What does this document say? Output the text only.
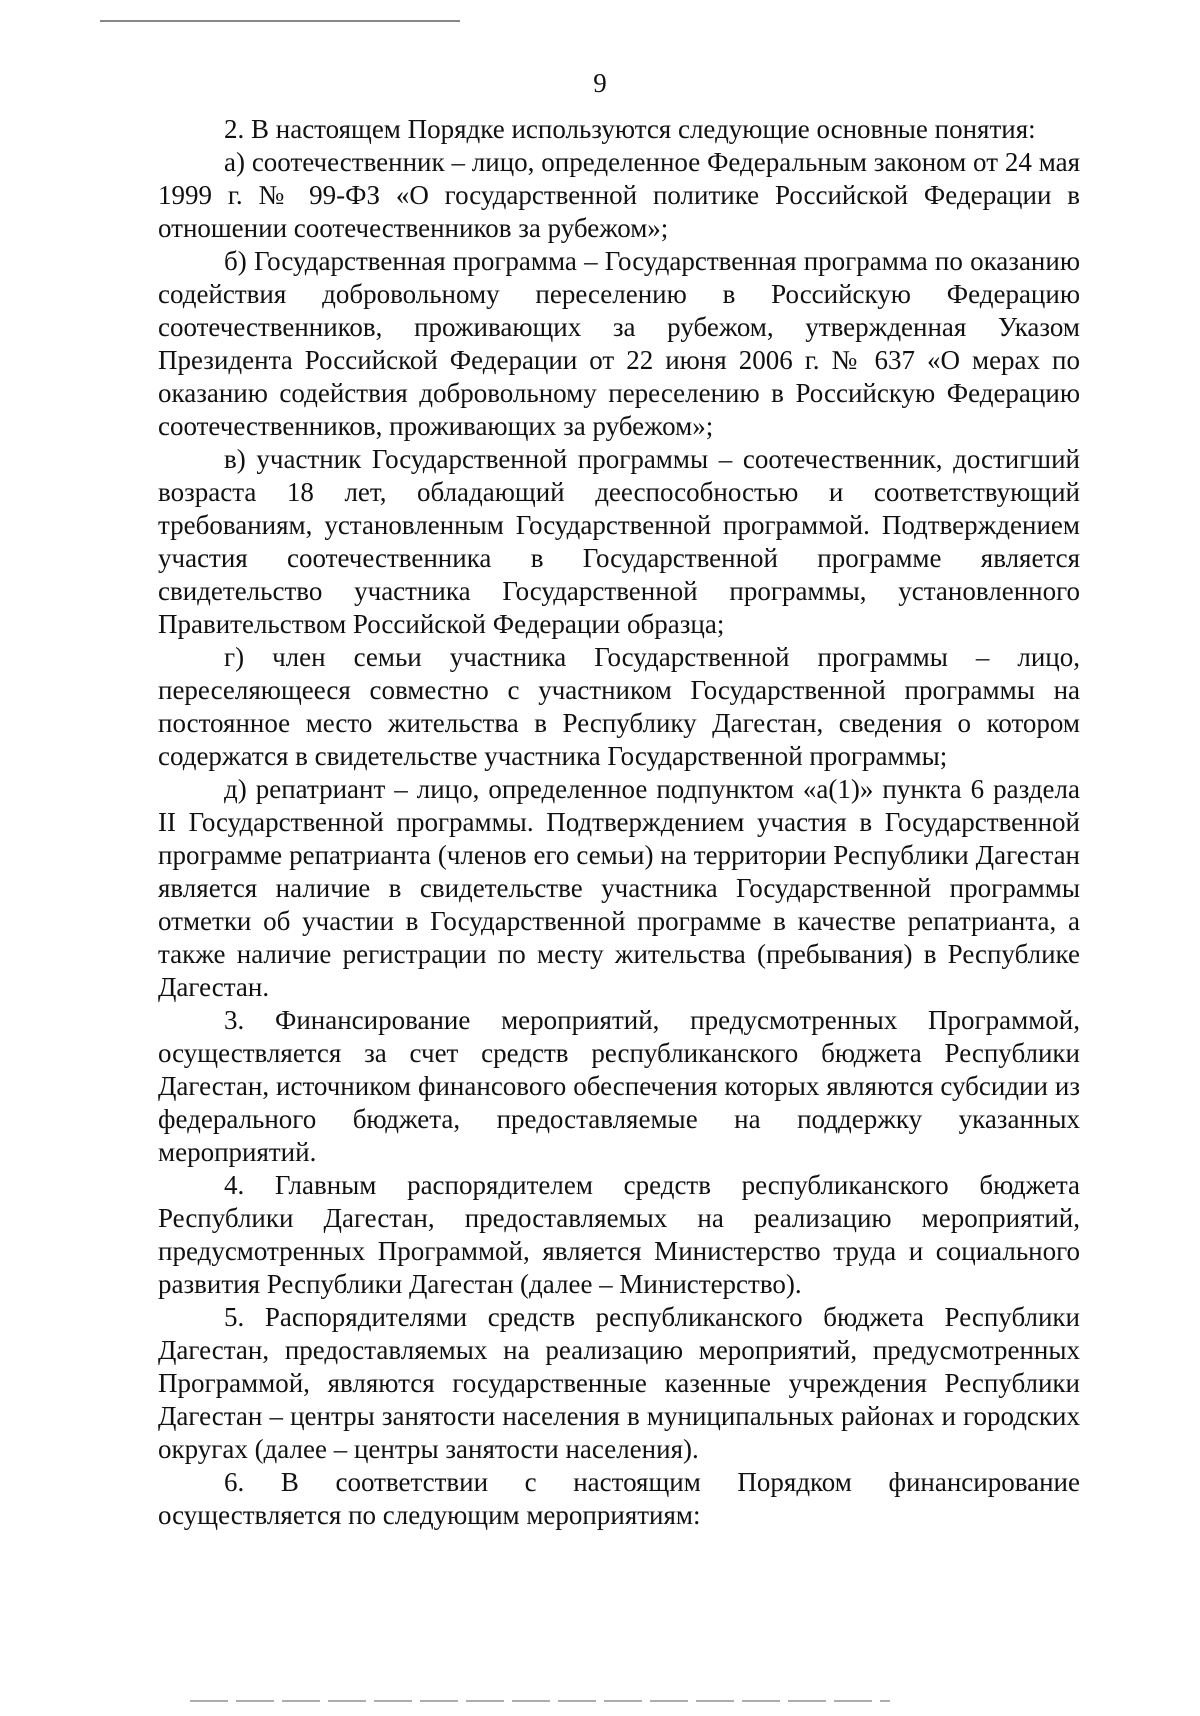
9

2. В настоящем Порядке используются следующие основные понятия:

а) соотечественник – лицо, определенное Федеральным законом от 24 мая 1999 г. № 99-ФЗ «О государственной политике Российской Федерации в отношении соотечественников за рубежом»;

б) Государственная программа – Государственная программа по оказанию содействия добровольному переселению в Российскую Федерацию соотечественников, проживающих за рубежом, утвержденная Указом Президента Российской Федерации от 22 июня 2006 г. № 637 «О мерах по оказанию содействия добровольному переселению в Российскую Федерацию соотечественников, проживающих за рубежом»;

в) участник Государственной программы – соотечественник, достигший возраста 18 лет, обладающий дееспособностью и соответствующий требованиям, установленным Государственной программой. Подтверждением участия соотечественника в Государственной программе является свидетельство участника Государственной программы, установленного Правительством Российской Федерации образца;

г) член семьи участника Государственной программы – лицо, переселяющееся совместно с участником Государственной программы на постоянное место жительства в Республику Дагестан, сведения о котором содержатся в свидетельстве участника Государственной программы;

д) репатриант – лицо, определенное подпунктом «а(1)» пункта 6 раздела II Государственной программы. Подтверждением участия в Государственной программе репатрианта (членов его семьи) на территории Республики Дагестан является наличие в свидетельстве участника Государственной программы отметки об участии в Государственной программе в качестве репатрианта, а также наличие регистрации по месту жительства (пребывания) в Республике Дагестан.

3. Финансирование мероприятий, предусмотренных Программой, осуществляется за счет средств республиканского бюджета Республики Дагестан, источником финансового обеспечения которых являются субсидии из федерального бюджета, предоставляемые на поддержку указанных мероприятий.

4. Главным распорядителем средств республиканского бюджета Республики Дагестан, предоставляемых на реализацию мероприятий, предусмотренных Программой, является Министерство труда и социального развития Республики Дагестан (далее – Министерство).

5. Распорядителями средств республиканского бюджета Республики Дагестан, предоставляемых на реализацию мероприятий, предусмотренных Программой, являются государственные казенные учреждения Республики Дагестан – центры занятости населения в муниципальных районах и городских округах (далее – центры занятости населения).

6. В соответствии с настоящим Порядком финансирование осуществляется по следующим мероприятиям:
